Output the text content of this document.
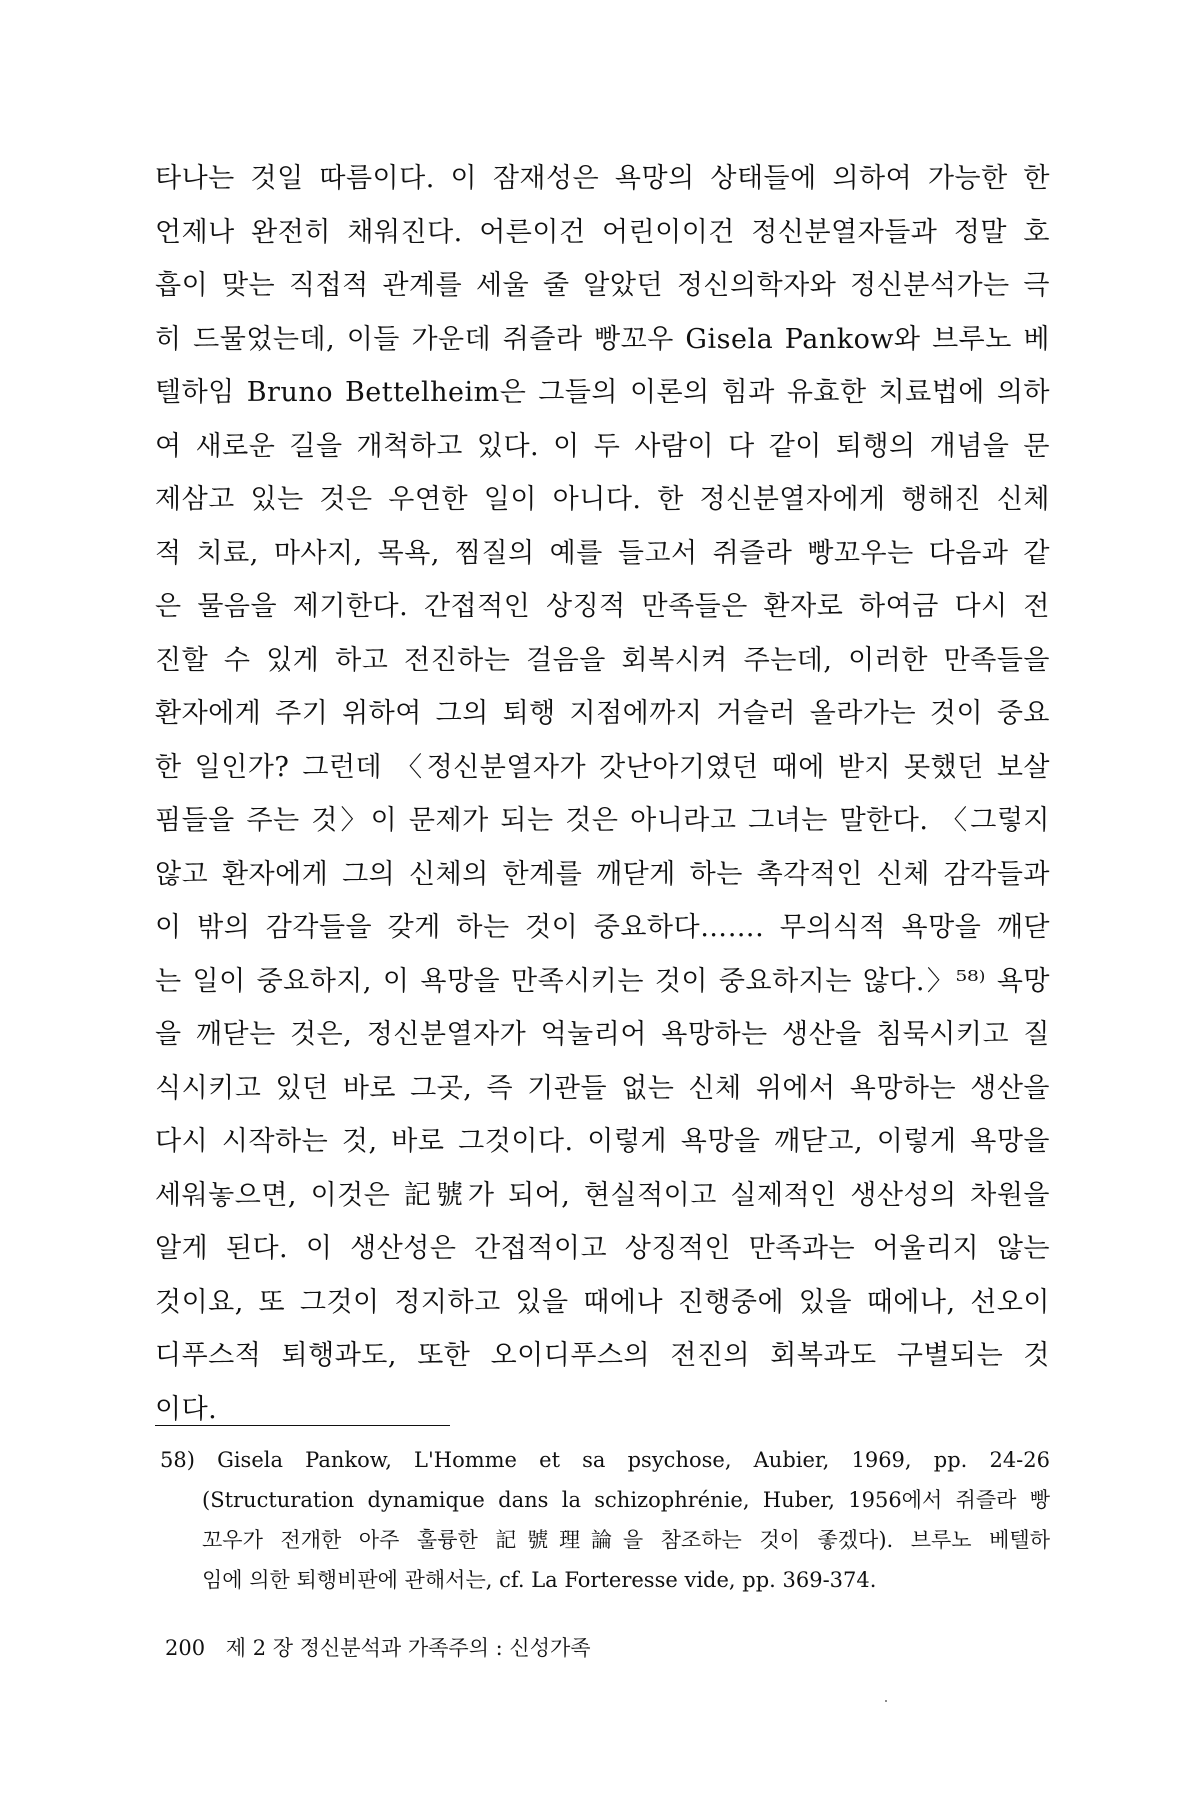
타나는 것일 따름이다. 이 잠재성은 욕망의 상태들에 의하여 가능한 한
언제나 완전히 채워진다. 어른이건 어린이이건 정신분열자들과 정말 호
흡이 맞는 직접적 관계를 세울 줄 알았던 정신의학자와 정신분석가는 극
히 드물었는데, 이들 가운데 쥐즐라 빵꼬우 Gisela Pankow와 브루노 베
텔하임 Bruno Bettelheim은 그들의 이론의 힘과 유효한 치료법에 의하
여 새로운 길을 개척하고 있다. 이 두 사람이 다 같이 퇴행의 개념을 문
제삼고 있는 것은 우연한 일이 아니다. 한 정신분열자에게 행해진 신체
적 치료, 마사지, 목욕, 찜질의 예를 들고서 쥐즐라 빵꼬우는 다음과 같
은 물음을 제기한다. 간접적인 상징적 만족들은 환자로 하여금 다시 전
진할 수 있게 하고 전진하는 걸음을 회복시켜 주는데, 이러한 만족들을
환자에게 주기 위하여 그의 퇴행 지점에까지 거슬러 올라가는 것이 중요
한 일인가? 그런데 〈정신분열자가 갓난아기였던 때에 받지 못했던 보살
핌들을 주는 것〉이 문제가 되는 것은 아니라고 그녀는 말한다. 〈그렇지
않고 환자에게 그의 신체의 한계를 깨닫게 하는 촉각적인 신체 감각들과
이 밖의 감각들을 갖게 하는 것이 중요하다……. 무의식적 욕망을 깨닫
는 일이 중요하지, 이 욕망을 만족시키는 것이 중요하지는 않다.〉⁵⁸⁾ 욕망
을 깨닫는 것은, 정신분열자가 억눌리어 욕망하는 생산을 침묵시키고 질
식시키고 있던 바로 그곳, 즉 기관들 없는 신체 위에서 욕망하는 생산을
다시 시작하는 것, 바로 그것이다. 이렇게 욕망을 깨닫고, 이렇게 욕망을
세워놓으면, 이것은 記號가 되어, 현실적이고 실제적인 생산성의 차원을
알게 된다. 이 생산성은 간접적이고 상징적인 만족과는 어울리지 않는
것이요, 또 그것이 정지하고 있을 때에나 진행중에 있을 때에나, 선오이
디푸스적 퇴행과도, 또한 오이디푸스의 전진의 회복과도 구별되는 것
이다.
58) Gisela Pankow, L'Homme et sa psychose, Aubier, 1969, pp. 24-26
(Structuration dynamique dans la schizophrénie, Huber, 1956에서 쥐즐라 빵
꼬우가 전개한 아주 훌륭한 記號理論을 참조하는 것이 좋겠다). 브루노 베텔하
임에 의한 퇴행비판에 관해서는, cf. La Forteresse vide, pp. 369-374.
200 제 2 장 정신분석과 가족주의 : 신성가족
